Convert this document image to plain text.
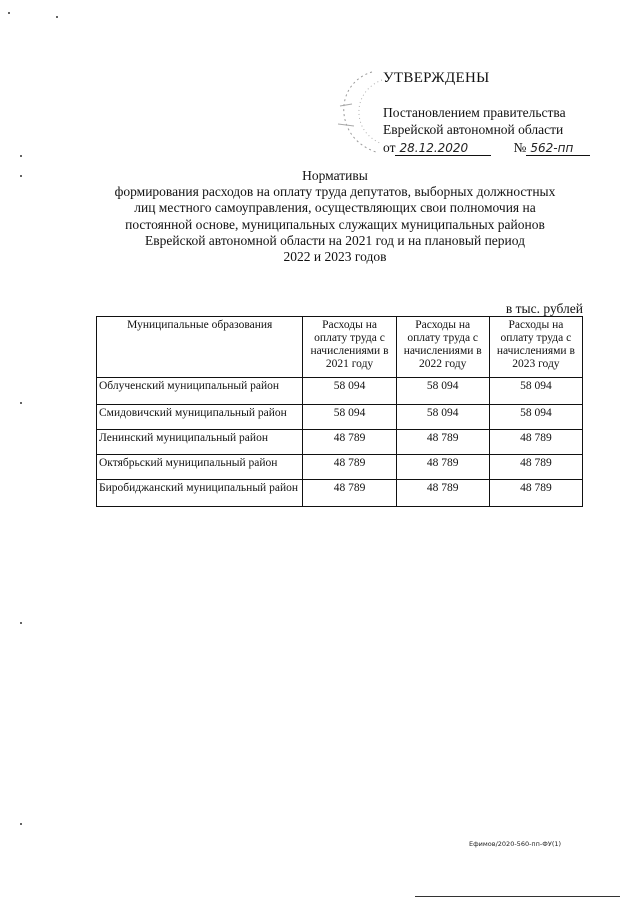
УТВЕРЖДЕНЫ
Постановлением правительства
Еврейской автономной области
от 28.12.2020	№ 562-пп
Нормативы
формирования расходов на оплату труда депутатов, выборных должностных
лиц местного самоуправления, осуществляющих свои полномочия на
постоянной основе, муниципальных служащих муниципальных районов
Еврейской автономной области на 2021 год и на плановый период
2022 и 2023 годов
в тыс. рублей
Муниципальные образования	Расходы на оплату труда с начислениями в 2021 году	Расходы на оплату труда с начислениями в 2022 году	Расходы на оплату труда с начислениями в 2023 году
Облученский муниципальный район	58 094	58 094	58 094
Смидовичский муниципальный район	58 094	58 094	58 094
Ленинский муниципальный район	48 789	48 789	48 789
Октябрьский муниципальный район	48 789	48 789	48 789
Биробиджанский муниципальный район	48 789	48 789	48 789
Ефимов/2020-560-пп-ФУ(1)
